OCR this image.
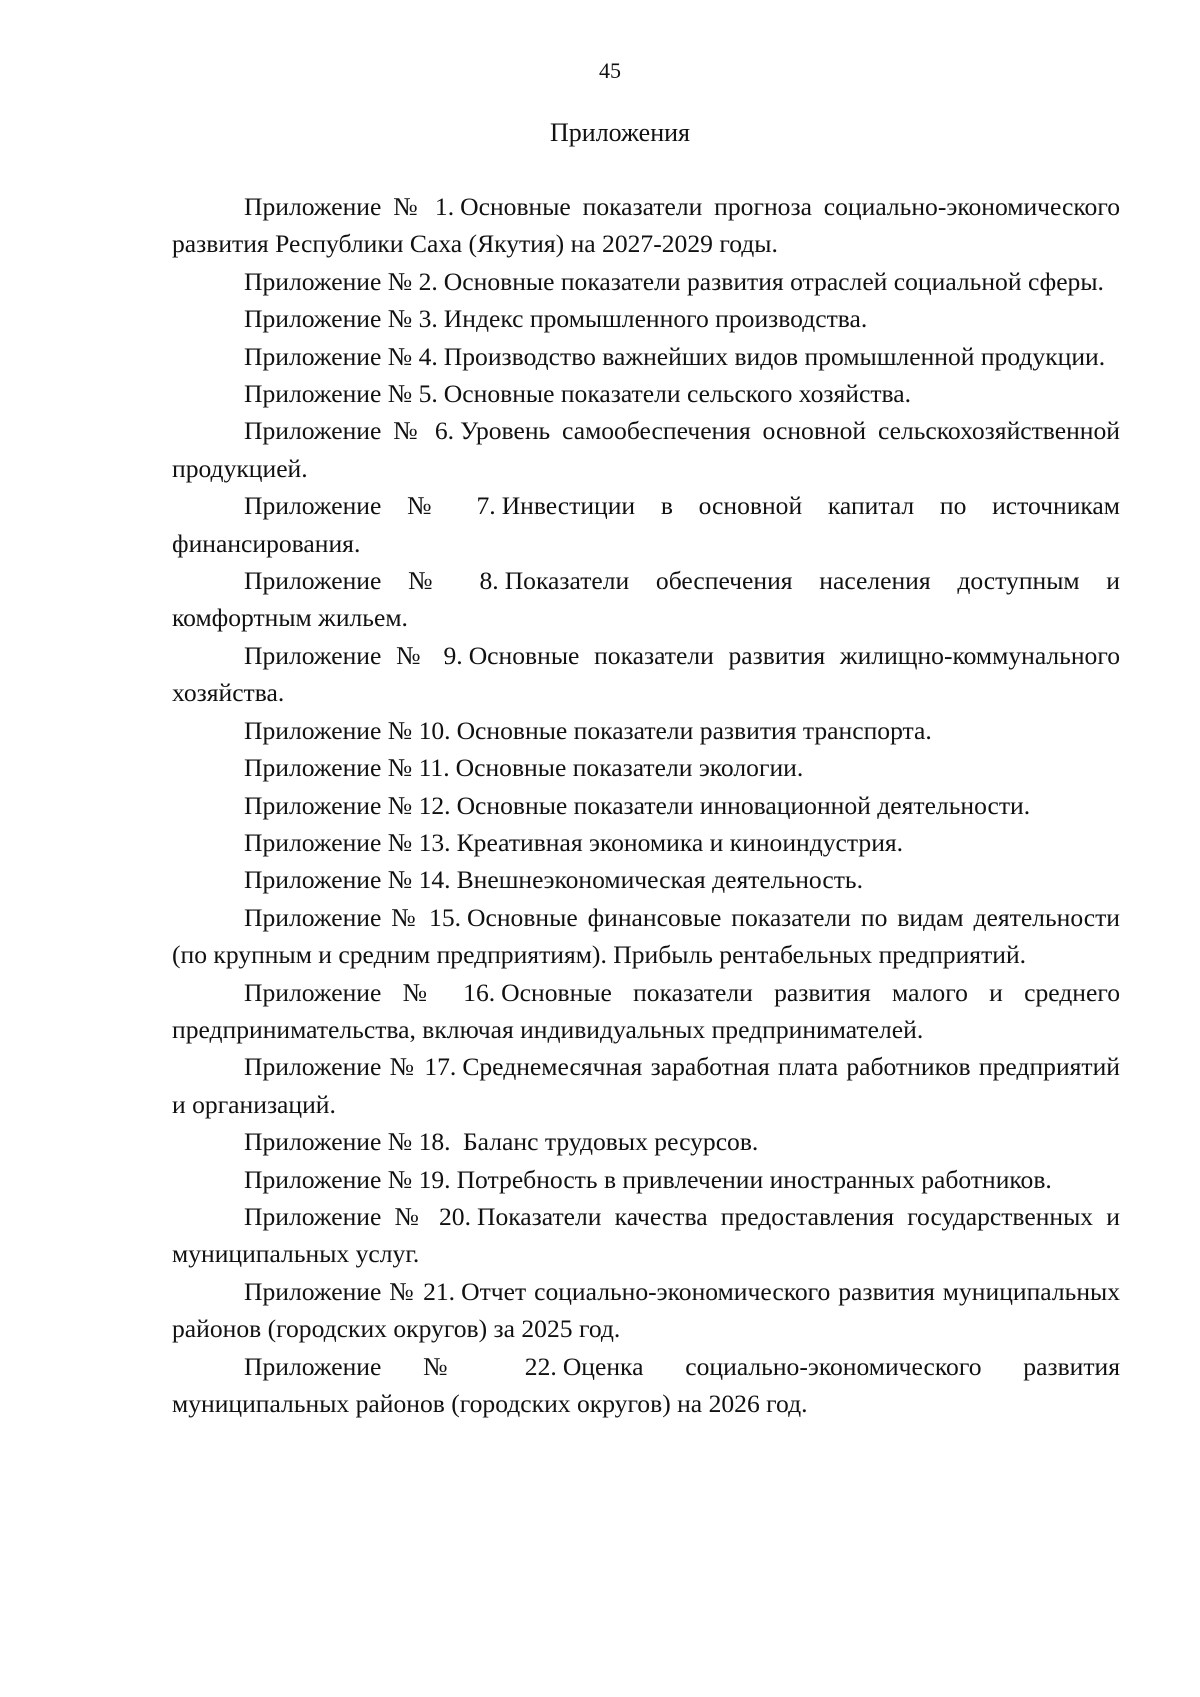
45
Приложения

Приложение № 1. Основные показатели прогноза социально-экономического развития Республики Саха (Якутия) на 2027-2029 годы.

Приложение № 2. Основные показатели развития отраслей социальной сферы.

Приложение № 3. Индекс промышленного производства.

Приложение № 4. Производство важнейших видов промышленной продукции.

Приложение № 5. Основные показатели сельского хозяйства.

Приложение № 6. Уровень самообеспечения основной сельскохозяйственной продукцией.

Приложение № 7. Инвестиции в основной капитал по источникам финансирования.

Приложение № 8. Показатели обеспечения населения доступным и комфортным жильем.

Приложение № 9. Основные показатели развития жилищно-коммунального хозяйства.

Приложение № 10. Основные показатели развития транспорта.

Приложение № 11. Основные показатели экологии.

Приложение № 12. Основные показатели инновационной деятельности.

Приложение № 13. Креативная экономика и киноиндустрия.

Приложение № 14. Внешнеэкономическая деятельность.

Приложение № 15. Основные финансовые показатели по видам деятельности (по крупным и средним предприятиям). Прибыль рентабельных предприятий.

Приложение № 16. Основные показатели развития малого и среднего предпринимательства, включая индивидуальных предпринимателей.

Приложение № 17. Среднемесячная заработная плата работников предприятий и организаций.

Приложение № 18. Баланс трудовых ресурсов.

Приложение № 19. Потребность в привлечении иностранных работников.

Приложение № 20. Показатели качества предоставления государственных и муниципальных услуг.

Приложение № 21. Отчет социально-экономического развития муниципальных районов (городских округов) за 2025 год.

Приложение № 22. Оценка социально-экономического развития муниципальных районов (городских округов) на 2026 год.
